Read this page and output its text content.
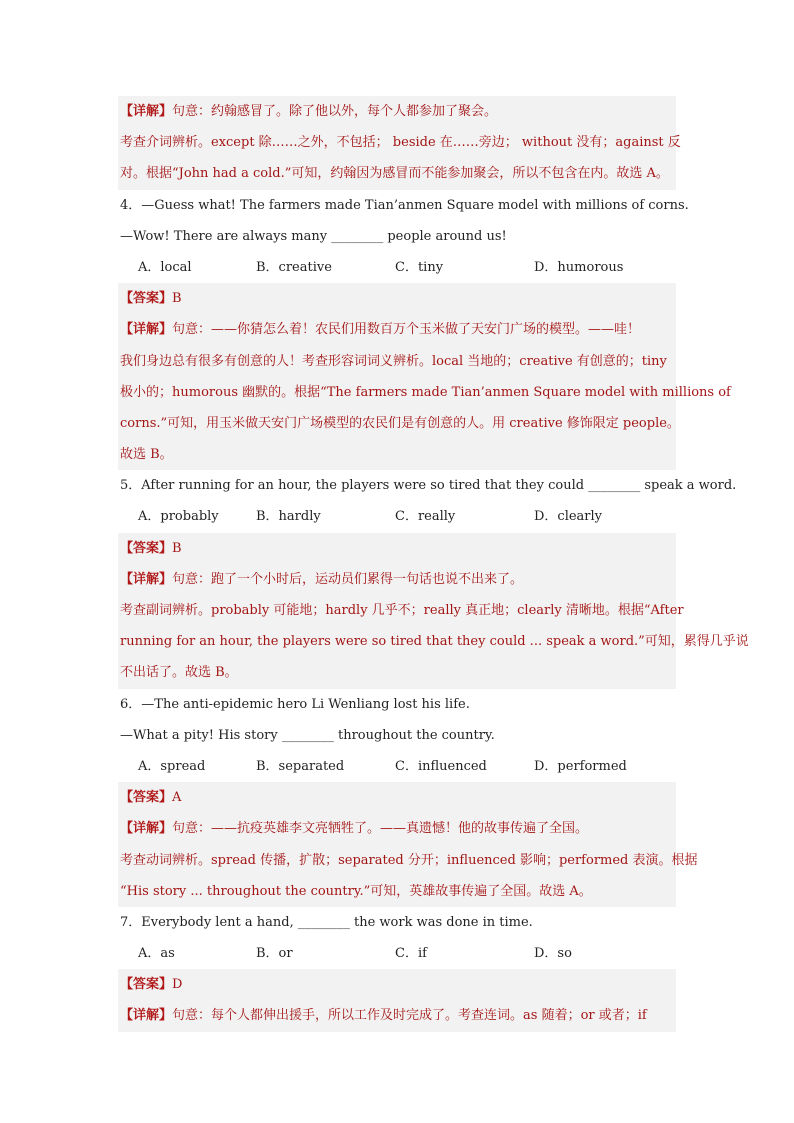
【详解】句意：约翰感冒了。除了他以外，每个人都参加了聚会。
考查介词辨析。except 除……之外，不包括； beside 在……旁边； without 没有；against 反
对。根据“John had a cold.”可知，约翰因为感冒而不能参加聚会，所以不包含在内。故选 A。
4．—Guess what! The farmers made Tian’anmen Square model with millions of corns.
—Wow! There are always many ________ people around us!
A．local	B．creative	C．tiny	D．humorous
【答案】B
【详解】句意：——你猜怎么着！农民们用数百万个玉米做了天安门广场的模型。——哇！
我们身边总有很多有创意的人！考查形容词词义辨析。local 当地的；creative 有创意的；tiny
极小的；humorous 幽默的。根据“The farmers made Tian’anmen Square model with millions of
corns.”可知，用玉米做天安门广场模型的农民们是有创意的人。用 creative 修饰限定 people。
故选 B。
5．After running for an hour, the players were so tired that they could ________ speak a word.
A．probably	B．hardly	C．really	D．clearly
【答案】B
【详解】句意：跑了一个小时后，运动员们累得一句话也说不出来了。
考查副词辨析。probably 可能地；hardly 几乎不；really 真正地；clearly 清晰地。根据“After
running for an hour, the players were so tired that they could ... speak a word.”可知，累得几乎说
不出话了。故选 B。
6．—The anti-epidemic hero Li Wenliang lost his life.
—What a pity! His story ________ throughout the country.
A．spread	B．separated	C．influenced	D．performed
【答案】A
【详解】句意：——抗疫英雄李文亮牺牲了。——真遗憾！他的故事传遍了全国。
考查动词辨析。spread 传播，扩散；separated 分开；influenced 影响；performed 表演。根据
“His story ... throughout the country.”可知，英雄故事传遍了全国。故选 A。
7．Everybody lent a hand, ________ the work was done in time.
A．as	B．or	C．if	D．so
【答案】D
【详解】句意：每个人都伸出援手，所以工作及时完成了。考查连词。as 随着；or 或者；if
